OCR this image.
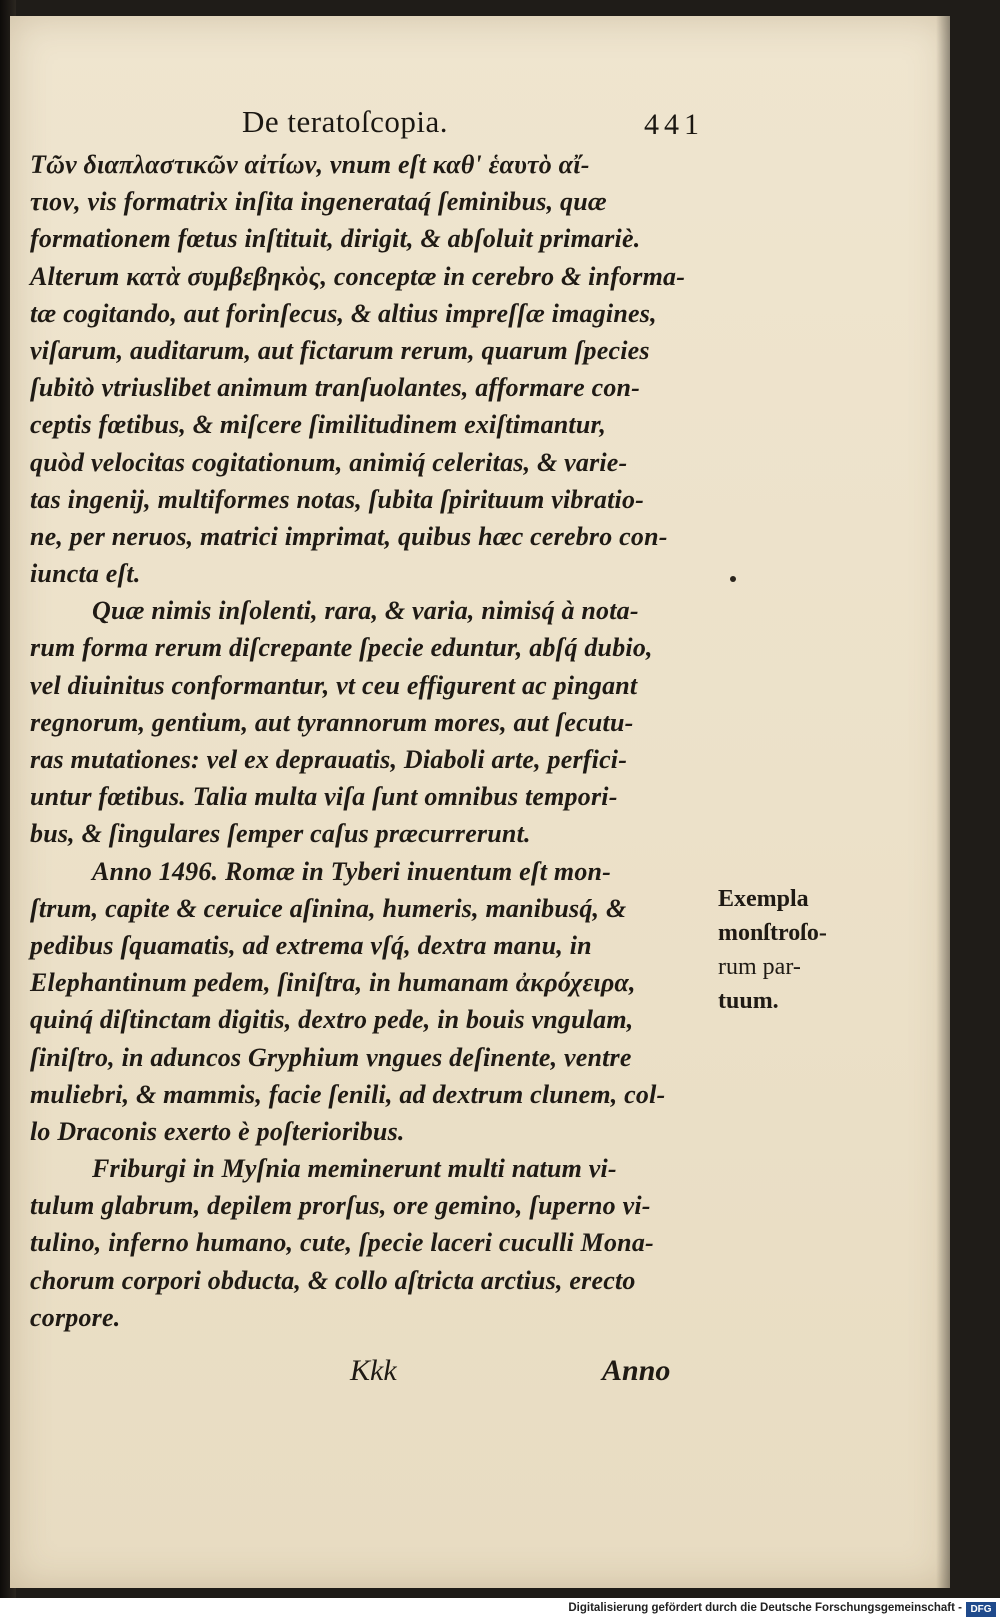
De teratoſcopia.	441
Τῶν διαπλαστικῶν αἰτίων, vnum eſt καθ' ἑαυτὸ αἴ-
τιον, vis formatrix inſita ingenerataq́ ſeminibus, quæ
formationem fœtus inſtituit, dirigit, & abſoluit primariè.
Alterum κατὰ συμβεβηκὸς, conceptæ in cerebro & informa-
tæ cogitando, aut forinſecus, & altius impreſſæ imagines,
viſarum, auditarum, aut fictarum rerum, quarum ſpecies
ſubitò vtriuslibet animum tranſuolantes, afformare con-
ceptis fœtibus, & miſcere ſimilitudinem exiſtimantur,
quòd velocitas cogitationum, animiq́ celeritas, & varie-
tas ingenij, multiformes notas, ſubita ſpirituum vibratio-
ne, per neruos, matrici imprimat, quibus hæc cerebro con-
iuncta eſt.
Quæ nimis inſolenti, rara, & varia, nimisq́ à nota-
rum forma rerum diſcrepante ſpecie eduntur, abſq́ dubio,
vel diuinitus conformantur, vt ceu effigurent ac pingant
regnorum, gentium, aut tyrannorum mores, aut ſecutu-
ras mutationes: vel ex deprauatis, Diaboli arte, perfici-
untur fœtibus. Talia multa viſa ſunt omnibus tempori-
bus, & ſingulares ſemper caſus præcurrerunt.
Anno 1496. Romæ in Tyberi inuentum eſt mon-
ſtrum, capite & ceruice aſinina, humeris, manibusq́, &
pedibus ſquamatis, ad extrema vſq́, dextra manu, in
Elephantinum pedem, ſiniſtra, in humanam ἀκρόχειρα,
quinq́ diſtinctam digitis, dextro pede, in bouis vngulam,
ſiniſtro, in aduncos Gryphium vngues deſinente, ventre
muliebri, & mammis, facie ſenili, ad dextrum clunem, col-
lo Draconis exerto è poſterioribus.
Friburgi in Myſnia meminerunt multi natum vi-
tulum glabrum, depilem prorſus, ore gemino, ſuperno vi-
tulino, inferno humano, cute, ſpecie laceri cuculli Mona-
chorum corpori obducta, & collo aſtricta arctius, erecto
corpore.
Exempla
monſtroſo-
rum par-
tuum.
Kkk	Anno
Digitalisierung gefördert durch die Deutsche Forschungsgemeinschaft - DFG
